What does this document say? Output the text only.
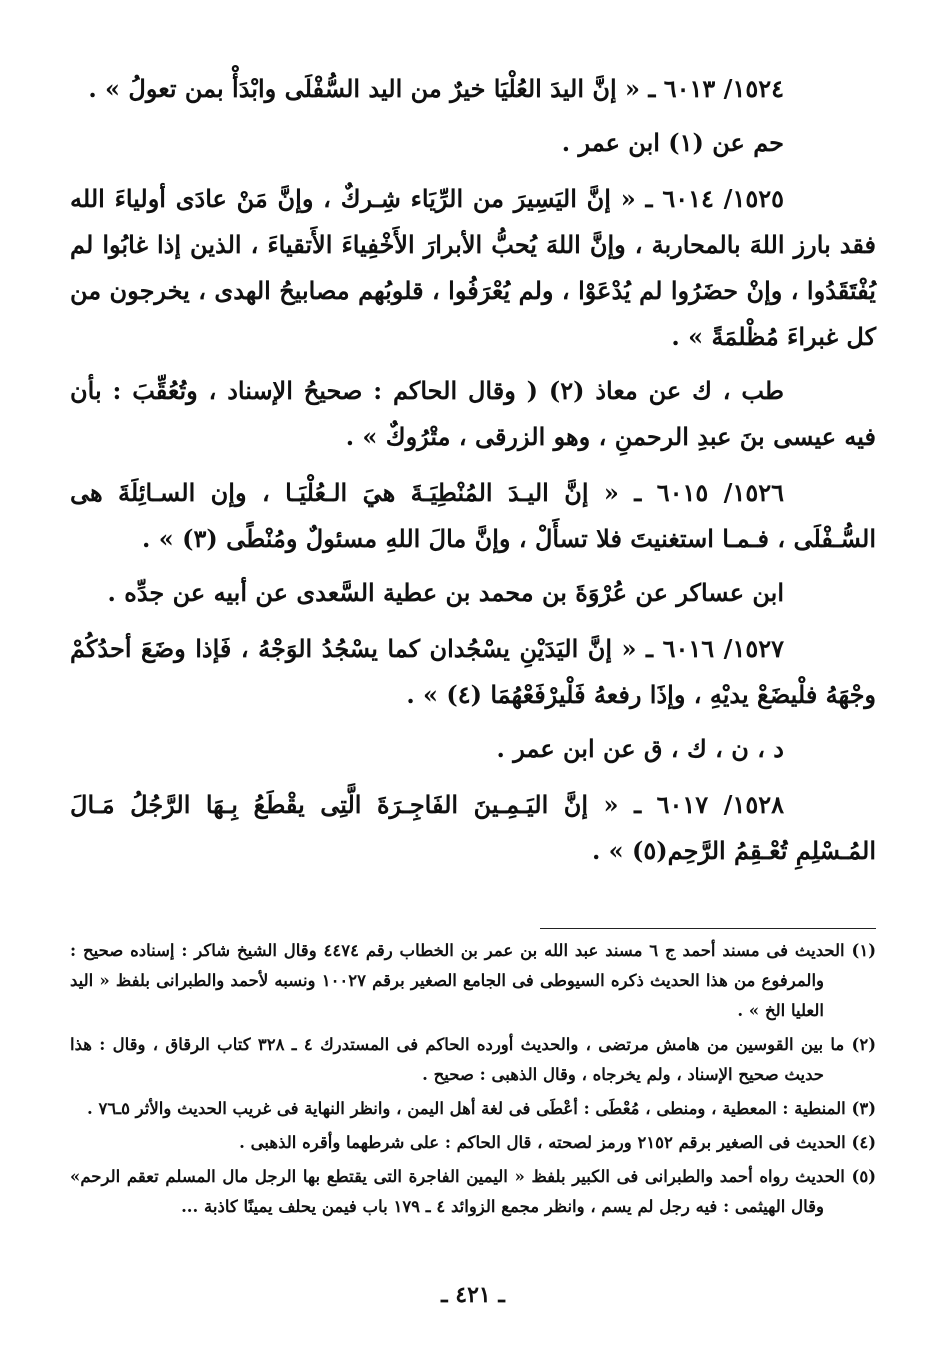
١٥٢٤/ ٦٠١٣ ـ « إنَّ اليدَ العُلْيَا خيرٌ من اليد السُّفْلَى وابْدَأْ بمن تعولُ » .

حم عن (١) ابن عمر .

١٥٢٥/ ٦٠١٤ ـ « إنَّ اليَسِيرَ من الرِّيَاء شِـركٌ ، وإنَّ مَنْ عادَى أولياءَ الله فقد بارز اللهَ بالمحاربة ، وإنَّ اللهَ يُحبُّ الأبرارَ الأَخْفِياءَ الأَتقياءَ ، الذين إذا غابُوا لم يُفْتَقَدُوا ، وإنْ حضَرُوا لم يُدْعَوْا ، ولم يُعْرَفُوا ، قلوبُهم مصابيحُ الهدى ، يخرجون من كل غبراءَ مُظْلمَةً » .

طب ، ك عن معاذ (٢) ( وقال الحاكم : صحيحُ الإسناد ، وتُعُقِّبَ : بأن فيه عيسى بنَ عبدِ الرحمنِ ، وهو الزرقى ، متْرُوكٌ » .

١٥٢٦/ ٦٠١٥ ـ « إنَّ اليـدَ المُنْطِيَـةَ هيَ الـعُلْيَـا ، وإن السـائِلَةَ هى السُّـفْلَى ، فـمـا استغنيتَ فلا تسأَلْ ، وإنَّ مالَ اللهِ مسئولٌ ومُنْطًى (٣) » .

ابن عساكر عن عُرْوَةَ بن محمد بن عطية السَّعدى عن أبيه عن جدِّه .

١٥٢٧/ ٦٠١٦ ـ « إنَّ اليَدَيْنِ يسْجُدان كما يسْجُدُ الوَجْهُ ، فَإذا وضَعَ أحدُكُمْ وجْهَهُ فلْيضَعْ يديْهِ ، وإذَا رفعهُ فَلْيرْفَعْهُمَا (٤) » .

د ، ن ، ك ، ق عن ابن عمر .

١٥٢٨/ ٦٠١٧ ـ « إنَّ اليَـمِـينَ الفَاجِـرَةَ الَّتِى يقْطَعُ بِـهَا الرَّجُلُ مَـالَ المُـسْلِمِ تُعْـقِمُ الرَّحِم(٥) » .

(١) الحديث فى مسند أحمد ج ٦ مسند عبد الله بن عمر بن الخطاب رقم ٤٤٧٤ وقال الشيخ شاكر : إسناده صحيح : والمرفوع من هذا الحديث ذكره السيوطى فى الجامع الصغير برقم ١٠٠٢٧ ونسبه لأحمد والطبرانى بلفظ « اليد العليا الخ » .

(٢) ما بين القوسين من هامش مرتضى ، والحديث أورده الحاكم فى المستدرك ٤ ـ ٣٢٨ كتاب الرقاق ، وقال : هذا حديث صحيح الإسناد ، ولم يخرجاه ، وقال الذهبى : صحيح .

(٣) المنطية : المعطية ، ومنطى ، مُعْطَى : أعْطَى فى لغة أهل اليمن ، وانظر النهاية فى غريب الحديث والأثر ٥ـ٧٦ .

(٤) الحديث فى الصغير برقم ٢١٥٢ ورمز لصحته ، قال الحاكم : على شرطهما وأقره الذهبى .

(٥) الحديث رواه أحمد والطبرانى فى الكبير بلفظ « اليمين الفاجرة التى يقتطع بها الرجل مال المسلم تعقم الرحم» وقال الهيثمى : فيه رجل لم يسم ، وانظر مجمع الزوائد ٤ ـ ١٧٩ باب فيمن يحلف يمينًا كاذبة ...

ـ ٤٢١ ـ
